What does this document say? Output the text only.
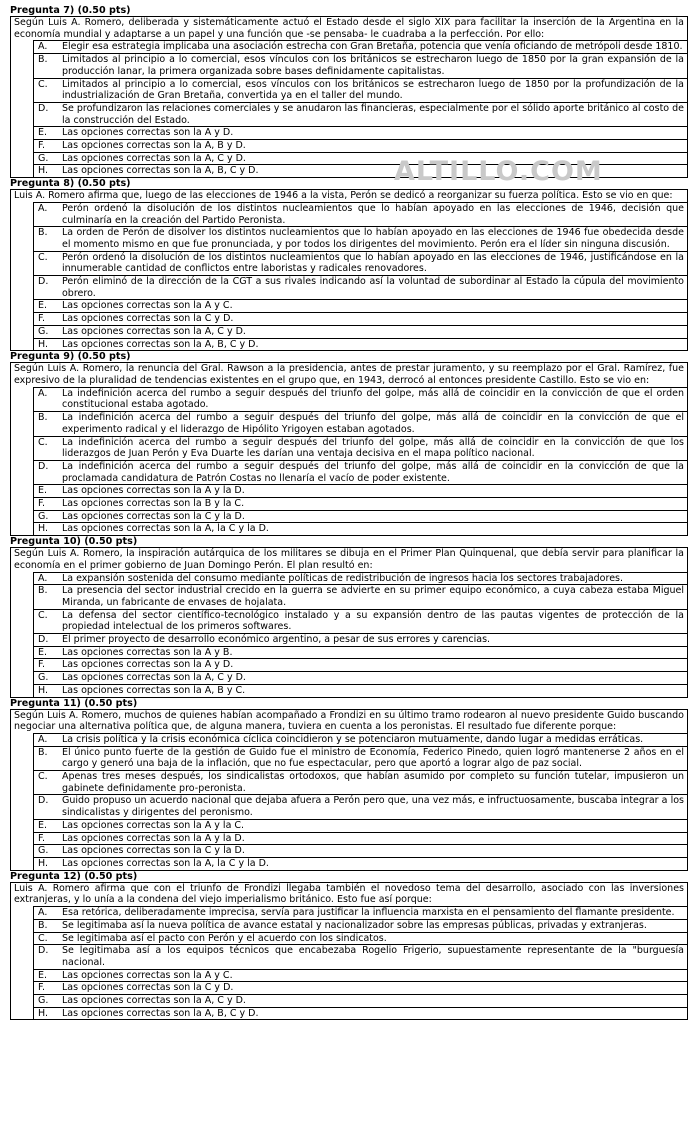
Pregunta 7) (0.50 pts)
Según Luis A. Romero, deliberada y sistemáticamente actuó el Estado desde el siglo XIX para facilitar la inserción de la Argentina en la economía mundial y adaptarse a un papel y una función que -se pensaba- le cuadraba a la perfección. Por ello:
	A.	Elegir esa estrategia implicaba una asociación estrecha con Gran Bretaña, potencia que venía oficiando de metrópoli desde 1810.
	B.	Limitados al principio a lo comercial, esos vínculos con los británicos se estrecharon luego de 1850 por la gran expansión de la producción lanar, la primera organizada sobre bases definidamente capitalistas.
	C.	Limitados al principio a lo comercial, esos vínculos con los británicos se estrecharon luego de 1850 por la profundización de la industrialización de Gran Bretaña, convertida ya en el taller del mundo.
	D.	Se profundizaron las relaciones comerciales y se anudaron las financieras, especialmente por el sólido aporte británico al costo de la construcción del Estado.
	E.	Las opciones correctas son la A y D.
	F.	Las opciones correctas son la A, B y D.
	G.	Las opciones correctas son la A, C y D.
	H.	Las opciones correctas son la A, B, C y D.
Pregunta 8) (0.50 pts)
Luis A. Romero afirma que, luego de las elecciones de 1946 a la vista, Perón se dedicó a reorganizar su fuerza política. Esto se vio en que:
	A.	Perón ordenó la disolución de los distintos nucleamientos que lo habían apoyado en las elecciones de 1946, decisión que culminaría en la creación del Partido Peronista.
	B.	La orden de Perón de disolver los distintos nucleamientos que lo habían apoyado en las elecciones de 1946 fue obedecida desde el momento mismo en que fue pronunciada, y por todos los dirigentes del movimiento. Perón era el líder sin ninguna discusión.
	C.	Perón ordenó la disolución de los distintos nucleamientos que lo habían apoyado en las elecciones de 1946, justificándose en la innumerable cantidad de conflictos entre laboristas y radicales renovadores.
	D.	Perón eliminó de la dirección de la CGT a sus rivales indicando así la voluntad de subordinar al Estado la cúpula del movimiento obrero.
	E.	Las opciones correctas son la A y C.
	F.	Las opciones correctas son la C y D.
	G.	Las opciones correctas son la A, C y D.
	H.	Las opciones correctas son la A, B, C y D.
Pregunta 9) (0.50 pts)
Según Luis A. Romero, la renuncia del Gral. Rawson a la presidencia, antes de prestar juramento, y su reemplazo por el Gral. Ramírez, fue expresivo de la pluralidad de tendencias existentes en el grupo que, en 1943, derrocó al entonces presidente Castillo. Esto se vio en:
	A.	La indefinición acerca del rumbo a seguir después del triunfo del golpe, más allá de coincidir en la convicción de que el orden constitucional estaba agotado.
	B.	La indefinición acerca del rumbo a seguir después del triunfo del golpe, más allá de coincidir en la convicción de que el experimento radical y el liderazgo de Hipólito Yrigoyen estaban agotados.
	C.	La indefinición acerca del rumbo a seguir después del triunfo del golpe, más allá de coincidir en la convicción de que los liderazgos de Juan Perón y Eva Duarte les darían una ventaja decisiva en el mapa político nacional.
	D.	La indefinición acerca del rumbo a seguir después del triunfo del golpe, más allá de coincidir en la convicción de que la proclamada candidatura de Patrón Costas no llenaría el vacío de poder existente.
	E.	Las opciones correctas son la A y la D.
	F.	Las opciones correctas son la B y la C.
	G.	Las opciones correctas son la C y la D.
	H.	Las opciones correctas son la A, la C y la D.
Pregunta 10) (0.50 pts)
Según Luis A. Romero, la inspiración autárquica de los militares se dibuja en el Primer Plan Quinquenal, que debía servir para planificar la economía en el primer gobierno de Juan Domingo Perón. El plan resultó en:
	A.	La expansión sostenida del consumo mediante políticas de redistribución de ingresos hacia los sectores trabajadores.
	B.	La presencia del sector industrial crecido en la guerra se advierte en su primer equipo económico, a cuya cabeza estaba Miguel Miranda, un fabricante de envases de hojalata.
	C.	La defensa del sector científico-tecnológico instalado y a su expansión dentro de las pautas vigentes de protección de la propiedad intelectual de los primeros softwares.
	D.	El primer proyecto de desarrollo económico argentino, a pesar de sus errores y carencias.
	E.	Las opciones correctas son la A y B.
	F.	Las opciones correctas son la A y D.
	G.	Las opciones correctas son la A, C y D.
	H.	Las opciones correctas son la A, B y C.
Pregunta 11) (0.50 pts)
Según Luis A. Romero, muchos de quienes habían acompañado a Frondizi en su último tramo rodearon al nuevo presidente Guido buscando negociar una alternativa política que, de alguna manera, tuviera en cuenta a los peronistas. El resultado fue diferente porque:
	A.	La crisis política y la crisis económica cíclica coincidieron y se potenciaron mutuamente, dando lugar a medidas erráticas.
	B.	El único punto fuerte de la gestión de Guido fue el ministro de Economía, Federico Pinedo, quien logró mantenerse 2 años en el cargo y generó una baja de la inflación, que no fue espectacular, pero que aportó a lograr algo de paz social.
	C.	Apenas tres meses después, los sindicalistas ortodoxos, que habían asumido por completo su función tutelar, impusieron un gabinete definidamente pro-peronista.
	D.	Guido propuso un acuerdo nacional que dejaba afuera a Perón pero que, una vez más, e infructuosamente, buscaba integrar a los sindicalistas y dirigentes del peronismo.
	E.	Las opciones correctas son la A y la C.
	F.	Las opciones correctas son la A y la D.
	G.	Las opciones correctas son la C y la D.
	H.	Las opciones correctas son la A, la C y la D.
Pregunta 12) (0.50 pts)
Luis A. Romero afirma que con el triunfo de Frondizi llegaba también el novedoso tema del desarrollo, asociado con las inversiones extranjeras, y lo unía a la condena del viejo imperialismo británico. Esto fue así porque:
	A.	Esa retórica, deliberadamente imprecisa, servía para justificar la influencia marxista en el pensamiento del flamante presidente.
	B.	Se legitimaba así la nueva política de avance estatal y nacionalizador sobre las empresas públicas, privadas y extranjeras.
	C.	Se legitimaba así el pacto con Perón y el acuerdo con los sindicatos.
	D.	Se legitimaba así a los equipos técnicos que encabezaba Rogelio Frigerio, supuestamente representante de la "burguesía nacional.
	E.	Las opciones correctas son la A y C.
	F.	Las opciones correctas son la C y D.
	G.	Las opciones correctas son la A, C y D.
	H.	Las opciones correctas son la A, B, C y D.
ALTILLO.COM
